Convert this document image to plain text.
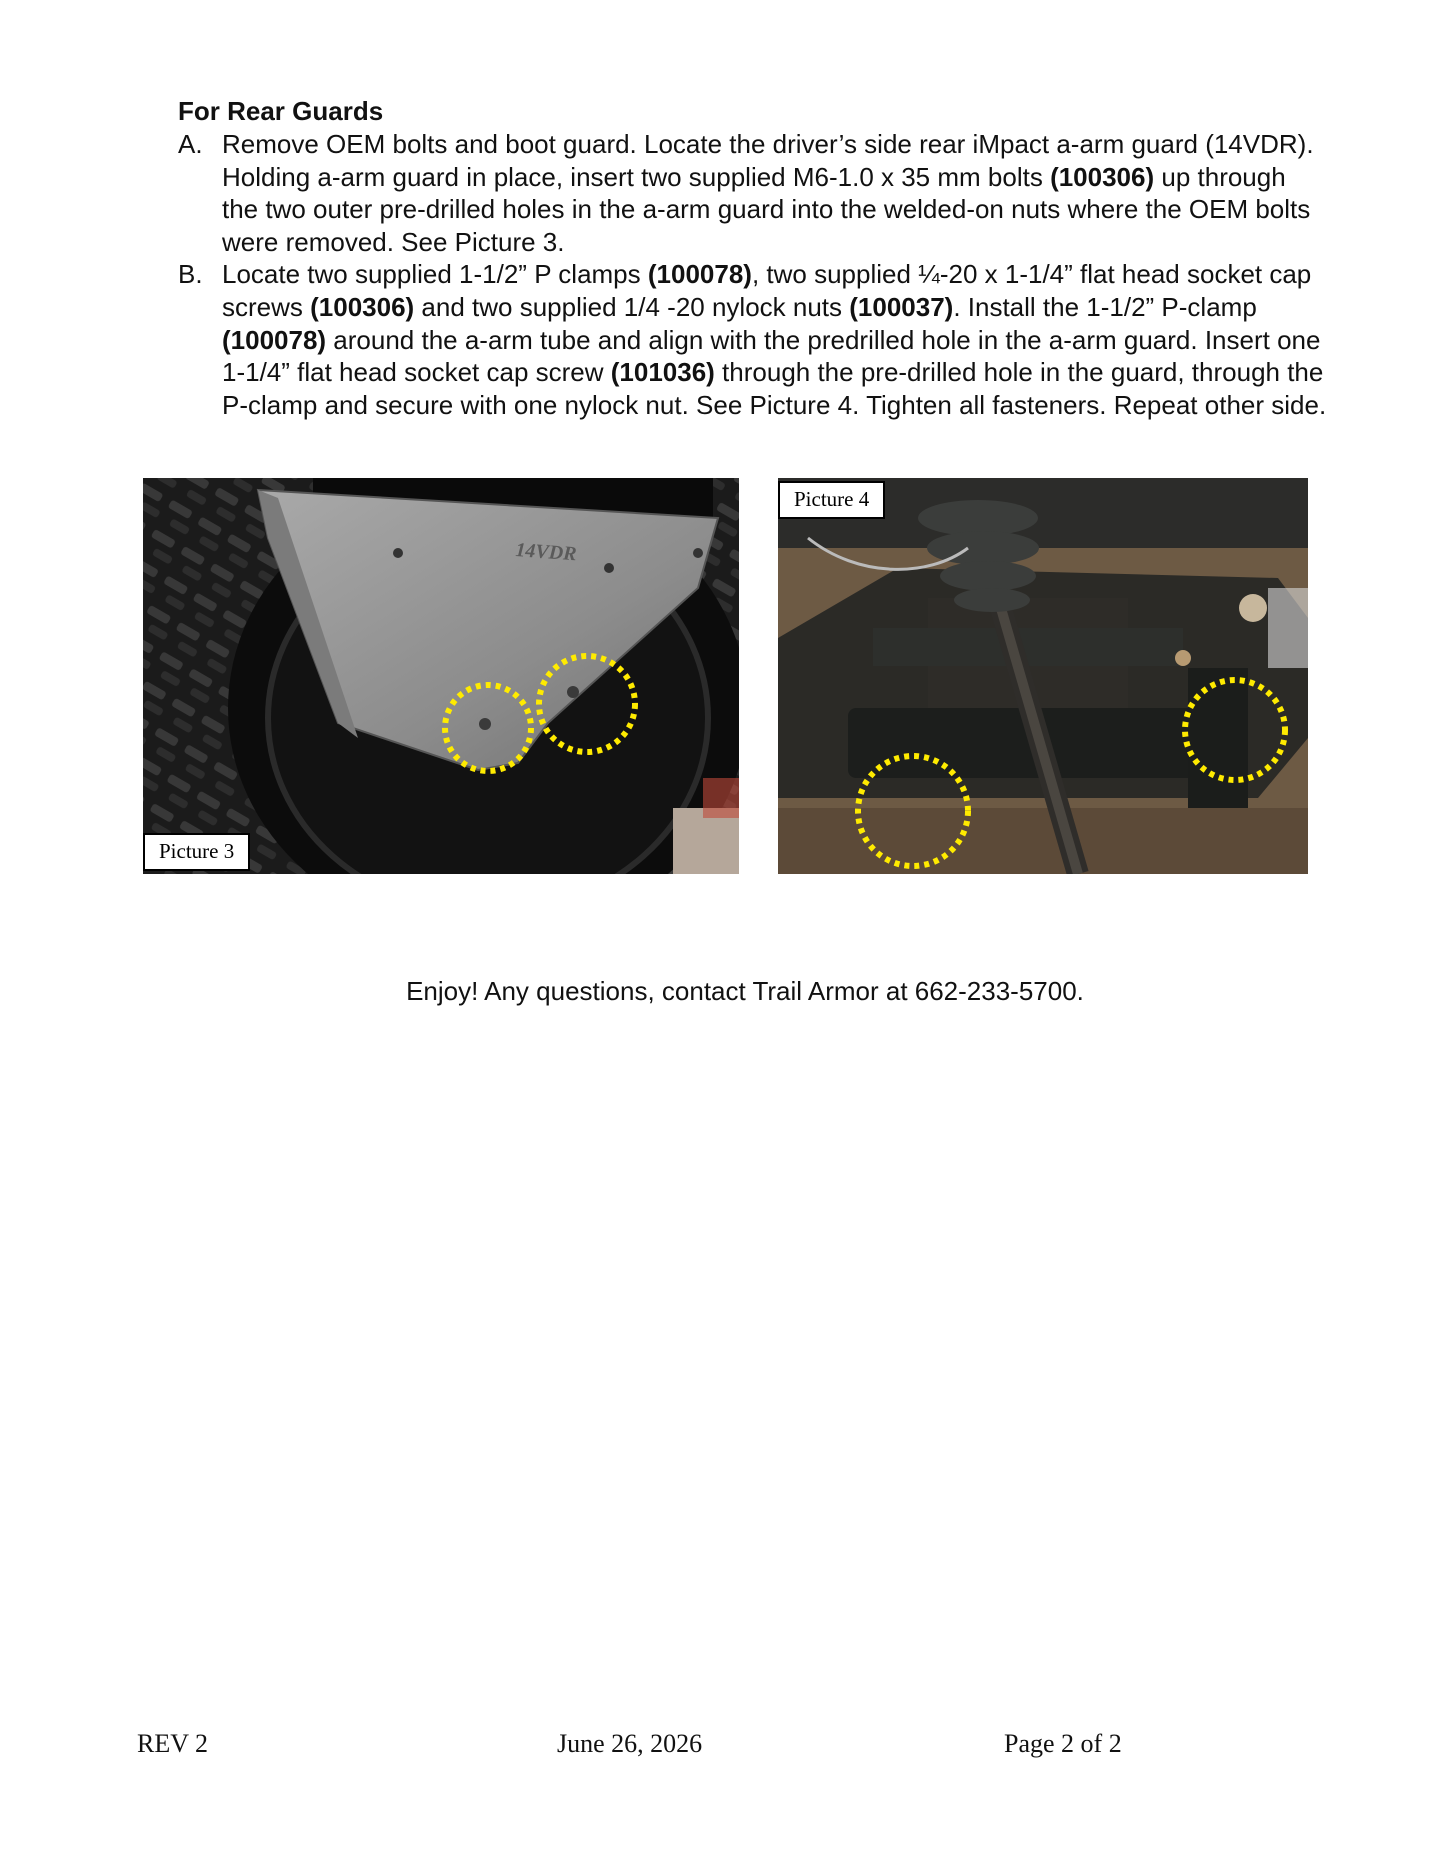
For Rear Guards
A. Remove OEM bolts and boot guard. Locate the driver’s side rear iMpact a-arm guard (14VDR). Holding a-arm guard in place, insert two supplied M6-1.0 x 35 mm bolts (100306) up through the two outer pre-drilled holes in the a-arm guard into the welded-on nuts where the OEM bolts were removed. See Picture 3.
B. Locate two supplied 1-1/2” P clamps (100078), two supplied ¼-20 x 1-1/4” flat head socket cap screws (100306) and two supplied 1/4 -20 nylock nuts (100037). Install the 1-1/2” P-clamp (100078) around the a-arm tube and align with the predrilled hole in the a-arm guard. Insert one 1-1/4” flat head socket cap screw (101036) through the pre-drilled hole in the guard, through the P-clamp and secure with one nylock nut. See Picture 4. Tighten all fasteners. Repeat other side.
14VDR
Picture 3
Picture 4
Enjoy! Any questions, contact Trail Armor at 662-233-5700.
REV 2	June 26, 2026	Page 2 of 2
